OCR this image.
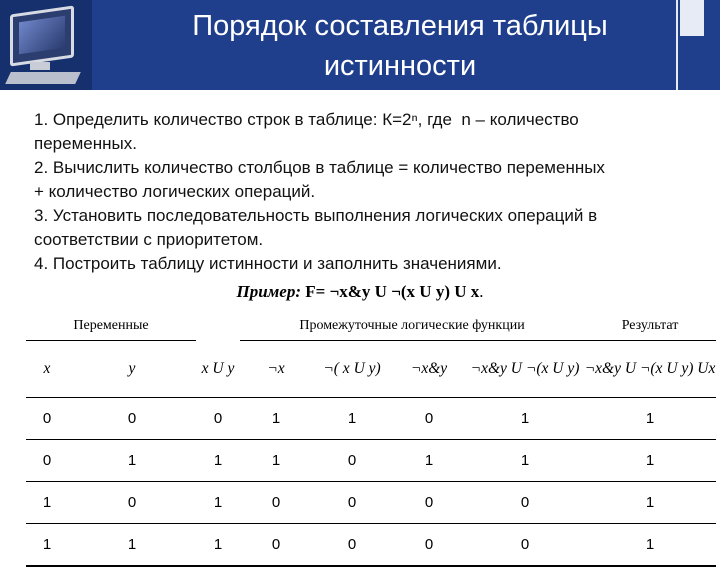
Порядок составления таблицы
истинности
1. Определить количество строк в таблице: К=2ⁿ, где  n – количество
переменных.
2. Вычислить количество столбцов в таблице = количество переменных
+ количество логических операций.
3. Установить последовательность выполнения логических операций в
соответствии с приоритетом.
4. Построить таблицу истинности и заполнить значениями.
Пример: F= ¬x&y U ¬(x U y) U x.
Переменные			Промежуточные логические функции				Результат
x	y	x U y	¬x	¬( x U y)	¬x&y	¬x&y U ¬(x U y)	¬x&y U ¬(x U y) Ux
0	0	0	1	1	0	1	1
0	1	1	1	0	1	1	1
1	0	1	0	0	0	0	1
1	1	1	0	0	0	0	1
